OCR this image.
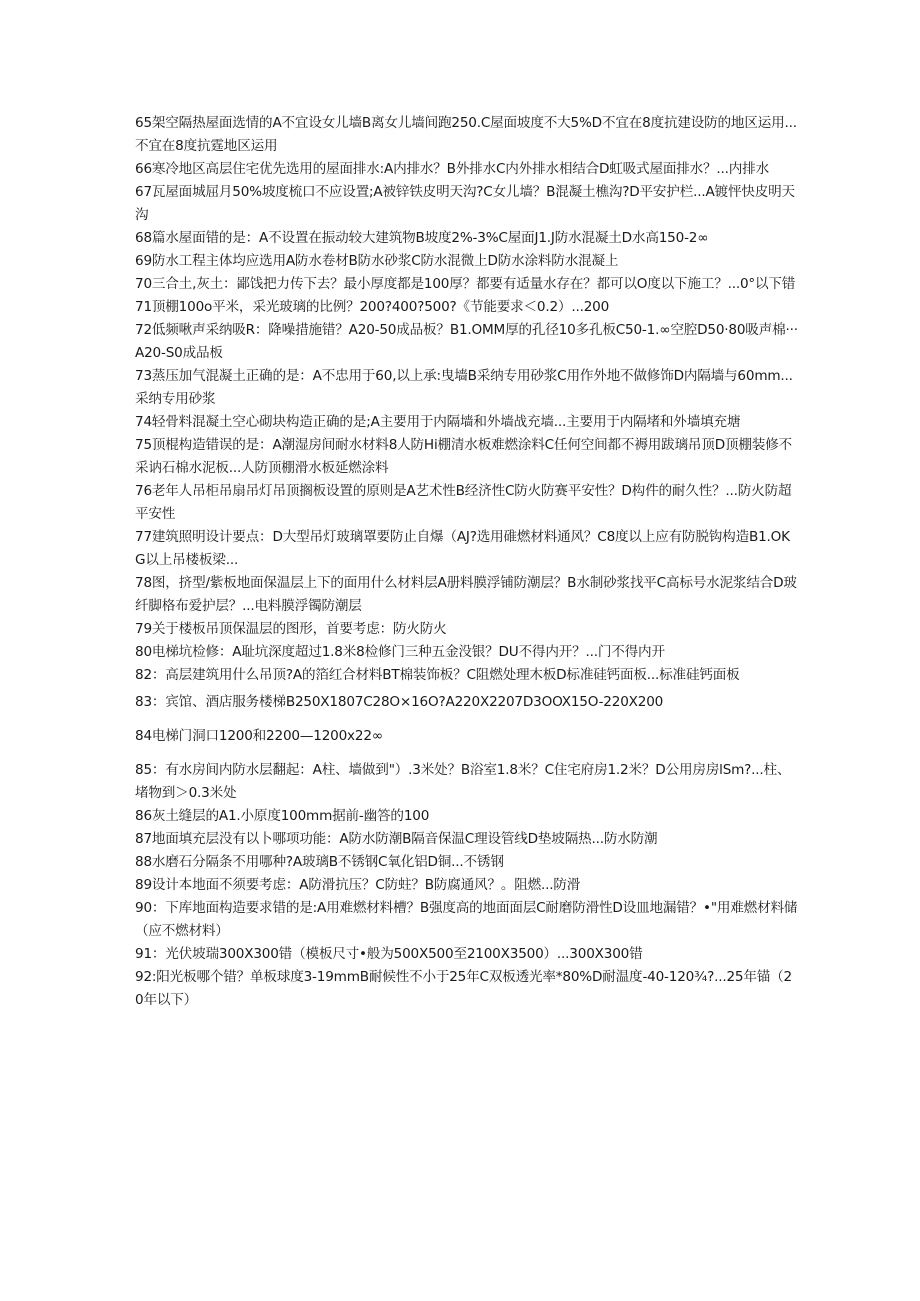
65架空隔热屋面选情的A不宜设女儿墙B离女儿墙间跑250.C屋面坡度不大5%D不宜在8度抗建设防的地区运用...不宜在8度抗霆地区运用

66寒冷地区高层住宅优先选用的屋面排水:A内排水？B外排水C内外排水相结合D虹吸式屋面排水？...内排水

67瓦屋面城屈月50%坡度梳口不应设置;A被锌铁皮明天沟?C女儿墙？B混凝土樵沟?D平安护栏...A镀怦快皮明天沟

68篇水屋面错的是：A不设置在振动较大建筑物B坡度2%-3%C屋面J1.J防水混凝土D水高150-2∞

69防水工程主体均应选用A防水卷材B防水砂浆C防水混微上D防水涂料防水混凝上

70三合土,灰土：鄙饯把力传下去？最小厚度都是100厚？都要有适量水存在？都可以O度以下施工？...0°以下错

71顶棚100o平米，采光玻璃的比例？200?400?500?《节能要求＜0.2）...200

72低频啾声采纳吸R：降噪措施错？A20-50成品板？B1.OMM厚的孔径10多孔板C50-1.∞空腔D50·80吸声棉···A20-S0成品板

73蒸压加气混凝土正确的是：A不忠用于60,以上承:曳墙B采纳专用砂浆C用作外地不做修饰D内隔墙与60mm...采纳专用砂浆

74轻骨料混凝土空心砌块构造正确的是;A主要用于内隔墙和外墙战充墙...主要用于内隔堵和外墙填充塘

75顶棍构造错误的是：A潮湿房间耐水材料8人防Hi棚清水板难燃涂料C任何空间都不褥用跋璃吊顶D顶棚装修不采讷石棉水泥板...人防顶棚滑水板延燃涂料

76老年人吊柜吊扇吊灯吊顶搁板设置的原则是A艺术性B经济性C防火防赛平安性？D构件的耐久性？...防火防超平安性

77建筑照明设计要点：D大型吊灯玻璃罩要防止自爆（AJ?选用碓燃材料通风？C8度以上应有防脱钩构造B1.OKG以上吊楼板梁...

78图，挤型/紫板地面保温层上下的面用什么材料层A册料膜浮铺防潮层？B水制砂浆找平C高标号水泥浆结合D玻纤脚格布爱护层？...电料膜浮镯防潮层

79关于楼板吊顶保温层的图形，首要考虑：防火防火

80电梯坑检修：A耻坑深度超过1.8米8检修门三种五金没银？DU不得内开？...门不得内开

82：高层建筑用什么吊顶?A的箔红合材料BT棉装饰板？C阻燃处理木板D标准硅钙面板...标准硅钙面板

83：宾馆、酒店服务楼梯B250X1807C28O×16O?A220X2207D3OOX15O-220X200

84电梯门洞口1200和2200—1200x22∞

85：有水房间内防水层翻起：A柱、墙做到"）.3米处？B浴室1.8米？C住宅府房1.2米？D公用房房lSm?...柱、堵物到＞0.3米处

86灰土缝层的A1.小原度100mm据前-幽答的100

87地面填充层没有以卜哪项功能：A防水防潮B隔音保温C理设管线D垫坡隔热...防水防潮

88水磨石分隔条不用哪种?A玻璃B不锈钢C氧化铝D铜...不锈钢

89设计本地面不须要考虑：A防滑抗压？C防蛀？B防腐通风？。阻燃...防滑

90：下库地面构造要求错的是:A用难燃材料槽？B强度高的地面面层C耐磨防滑性D设皿地漏错？•"用难燃材料储（应不燃材料）

91：光伏坡瑞300X300错（模板尺寸•般为500X500至2100X3500）...300X300错

92:阳光板哪个错？单板球度3-19mmB耐候性不小于25年C双板透光率*80%D耐温度-40-120¾?...25年锚（20年以下）
